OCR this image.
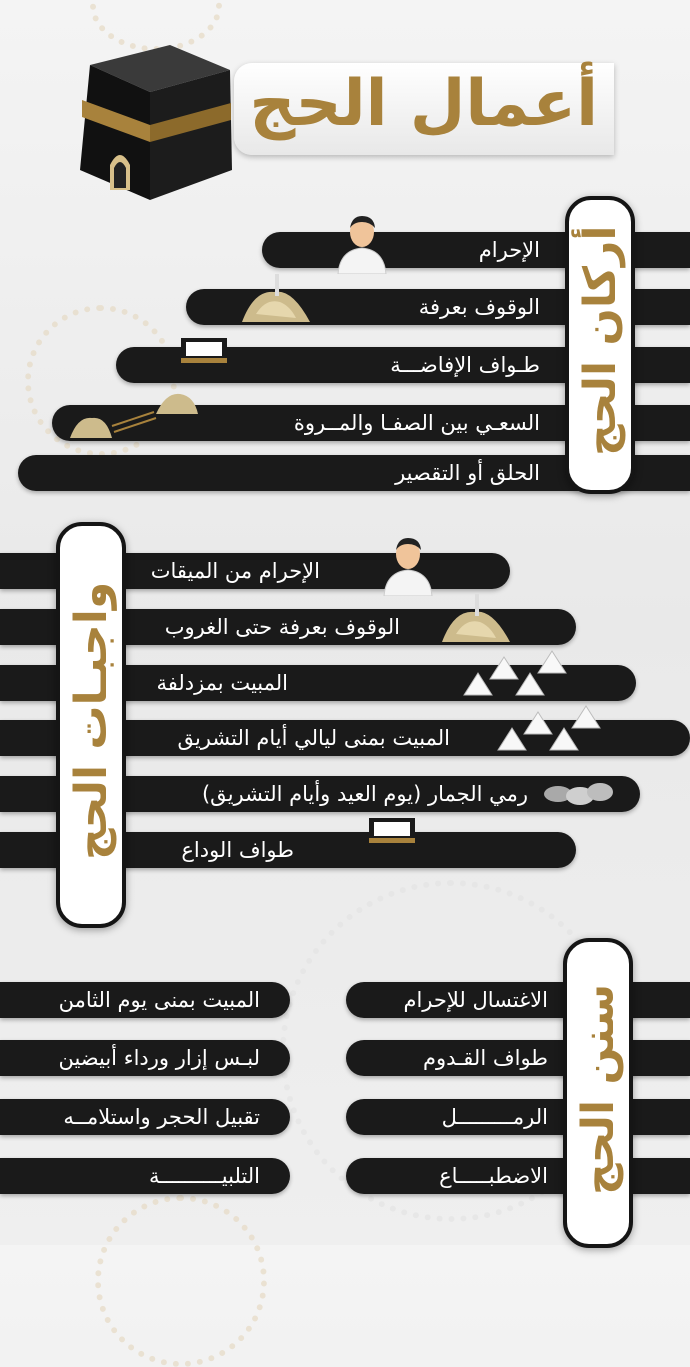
أعمال الحج
الإحرام
الوقوف بعرفة
طـواف الإفاضـــة
السعـي بين الصفـا والمــروة
الحلق أو التقصير
أركان الحج
الإحرام من الميقات
الوقوف بعرفة حتى الغروب
المبيت بمزدلفة
المبيت بمنى ليالي أيام التشريق
رمي الجمار (يوم العيد وأيام التشريق)
طواف الوداع
واجبـات الحج
المبيت بمنى يوم الثامن
لبـس إزار ورداء أبيضين
تقبيل الحجر واستلامــه
التلبيــــــــــة
الاغتسال للإحرام
طواف القـدوم
الرمـــــــــل
الاضطبـــــاع سنن الحج
